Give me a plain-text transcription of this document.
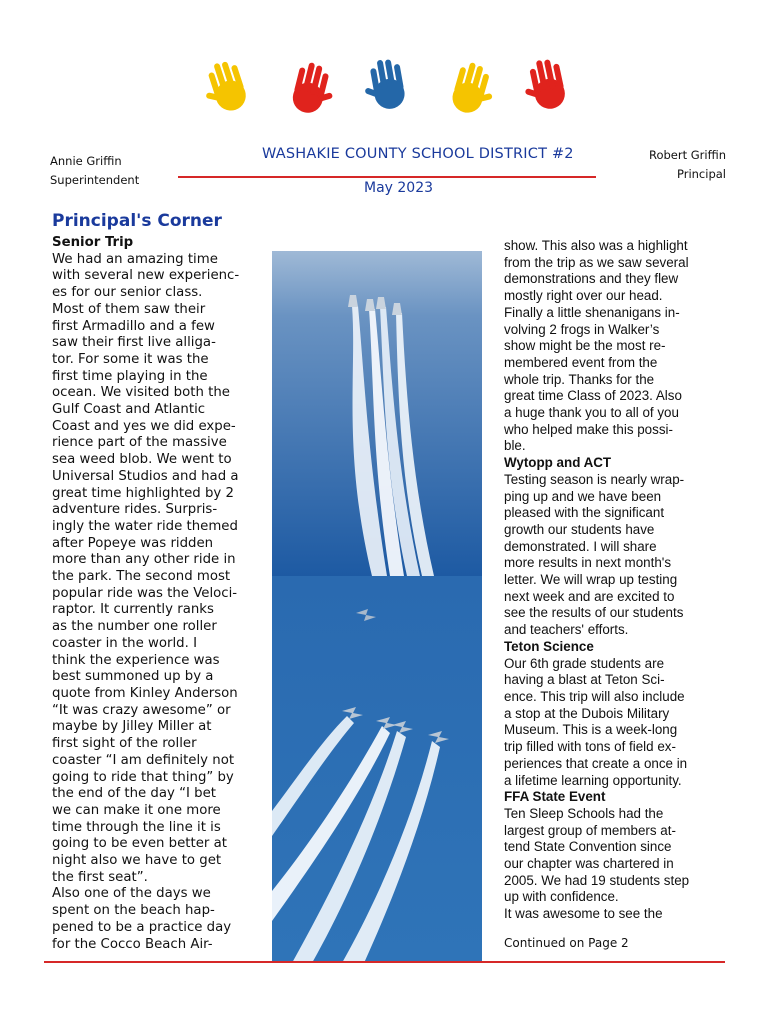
Annie Griffin
Superintendent
WASHAKIE COUNTY SCHOOL DISTRICT #2
May 2023
Robert Griffin
Principal
Principal's Corner
Senior Trip
We had an amazing time
with several new experienc-
es for our senior class.
Most of them saw their
first Armadillo and a few
saw their first live alliga-
tor. For some it was the
first time playing in the
ocean. We visited both the
Gulf Coast and Atlantic
Coast and yes we did expe-
rience part of the massive
sea weed blob. We went to
Universal Studios and had a
great time highlighted by 2
adventure rides. Surpris-
ingly the water ride themed
after Popeye was ridden
more than any other ride in
the park. The second most
popular ride was the Veloci-
raptor. It currently ranks
as the number one roller
coaster in the world. I
think the experience was
best summoned up by a
quote from Kinley Anderson
“It was crazy awesome” or
maybe by Jilley Miller at
first sight of the roller
coaster “I am definitely not
going to ride that thing” by
the end of the day “I bet
we can make it one more
time through the line it is
going to be even better at
night also we have to get
the first seat”.
Also one of the days we
spent on the beach hap-
pened to be a practice day
for the Cocco Beach Air-
show. This also was a highlight
from the trip as we saw several
demonstrations and they flew
mostly right over our head.
Finally a little shenanigans in-
volving 2 frogs in Walker’s
show might be the most re-
membered event from the
whole trip. Thanks for the
great time Class of 2023. Also
a huge thank you to all of you
who helped make this possi-
ble.
Wytopp and ACT
Testing season is nearly wrap-
ping up and we have been
pleased with the significant
growth our students have
demonstrated. I will share
more results in next month's
letter. We will wrap up testing
next week and are excited to
see the results of our students
and teachers' efforts.
Teton Science
Our 6th grade students are
having a blast at Teton Sci-
ence. This trip will also include
a stop at the Dubois Military
Museum. This is a week-long
trip filled with tons of field ex-
periences that create a once in
a lifetime learning opportunity.
FFA State Event
Ten Sleep Schools had the
largest group of members at-
tend State Convention since
our chapter was chartered in
2005. We had 19 students step
up with confidence.
It was awesome to see the
Continued on Page 2
